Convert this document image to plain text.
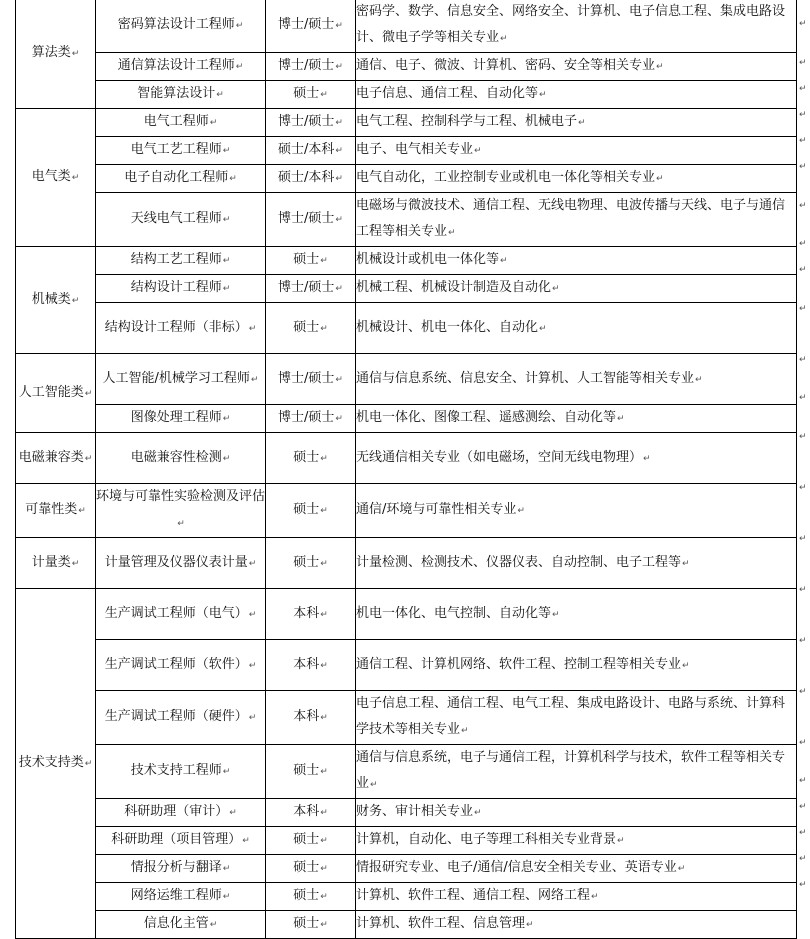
算法类↵	密码算法设计工程师↵	博士/硕士↵	密码学、数学、信息安全、网络安全、计算机、电子信息工程、集成电路设计、微电子学等相关专业↵
	通信算法设计工程师↵	博士/硕士↵	通信、电子、微波、计算机、密码、安全等相关专业↵
	智能算法设计↵	硕士↵	电子信息、通信工程、自动化等↵
电气类↵	电气工程师↵	博士/硕士↵	电气工程、控制科学与工程、机械电子↵
	电气工艺工程师↵	硕士/本科↵	电子、电气相关专业↵
	电子自动化工程师↵	硕士/本科↵	电气自动化，工业控制专业或机电一体化等相关专业↵
	天线电气工程师↵	博士/硕士↵	电磁场与微波技术、通信工程、无线电物理、电波传播与天线、电子与通信工程等相关专业↵
机械类↵	结构工艺工程师↵	硕士↵	机械设计或机电一体化等↵
	结构设计工程师↵	博士/硕士↵	机械工程、机械设计制造及自动化↵
	结构设计工程师（非标）↵	硕士↵	机械设计、机电一体化、自动化↵
人工智能类↵	人工智能/机械学习工程师↵	博士/硕士↵	通信与信息系统、信息安全、计算机、人工智能等相关专业↵
	图像处理工程师↵	博士/硕士↵	机电一体化、图像工程、遥感测绘、自动化等↵
电磁兼容类↵	电磁兼容性检测↵	硕士↵	无线通信相关专业（如电磁场，空间无线电物理）↵
可靠性类↵	环境与可靠性实验检测及评估↵	硕士↵	通信/环境与可靠性相关专业↵
计量类↵	计量管理及仪器仪表计量↵	硕士↵	计量检测、检测技术、仪器仪表、自动控制、电子工程等↵
技术支持类↵	生产调试工程师（电气）↵	本科↵	机电一体化、电气控制、自动化等↵
	生产调试工程师（软件）↵	本科↵	通信工程、计算机网络、软件工程、控制工程等相关专业↵
	生产调试工程师（硬件）↵	本科↵	电子信息工程、通信工程、电气工程、集成电路设计、电路与系统、计算科学技术等相关专业↵
	技术支持工程师↵	硕士↵	通信与信息系统，电子与通信工程，计算机科学与技术，软件工程等相关专业↵
	科研助理（审计）↵	本科↵	财务、审计相关专业↵
	科研助理（项目管理）↵	硕士↵	计算机，自动化、电子等理工科相关专业背景↵
	情报分析与翻译↵	硕士↵	情报研究专业、电子/通信/信息安全相关专业、英语专业↵
	网络运维工程师↵	硕士↵	计算机、软件工程、通信工程、网络工程↵
	信息化主管↵	硕士↵	计算机、软件工程、信息管理↵
↵
↵
↵
↵
↵
↵
↵
↵
↵
↵
↵
↵
↵
↵
↵
↵
↵
↵
↵
↵
↵
↵
↵
↵
